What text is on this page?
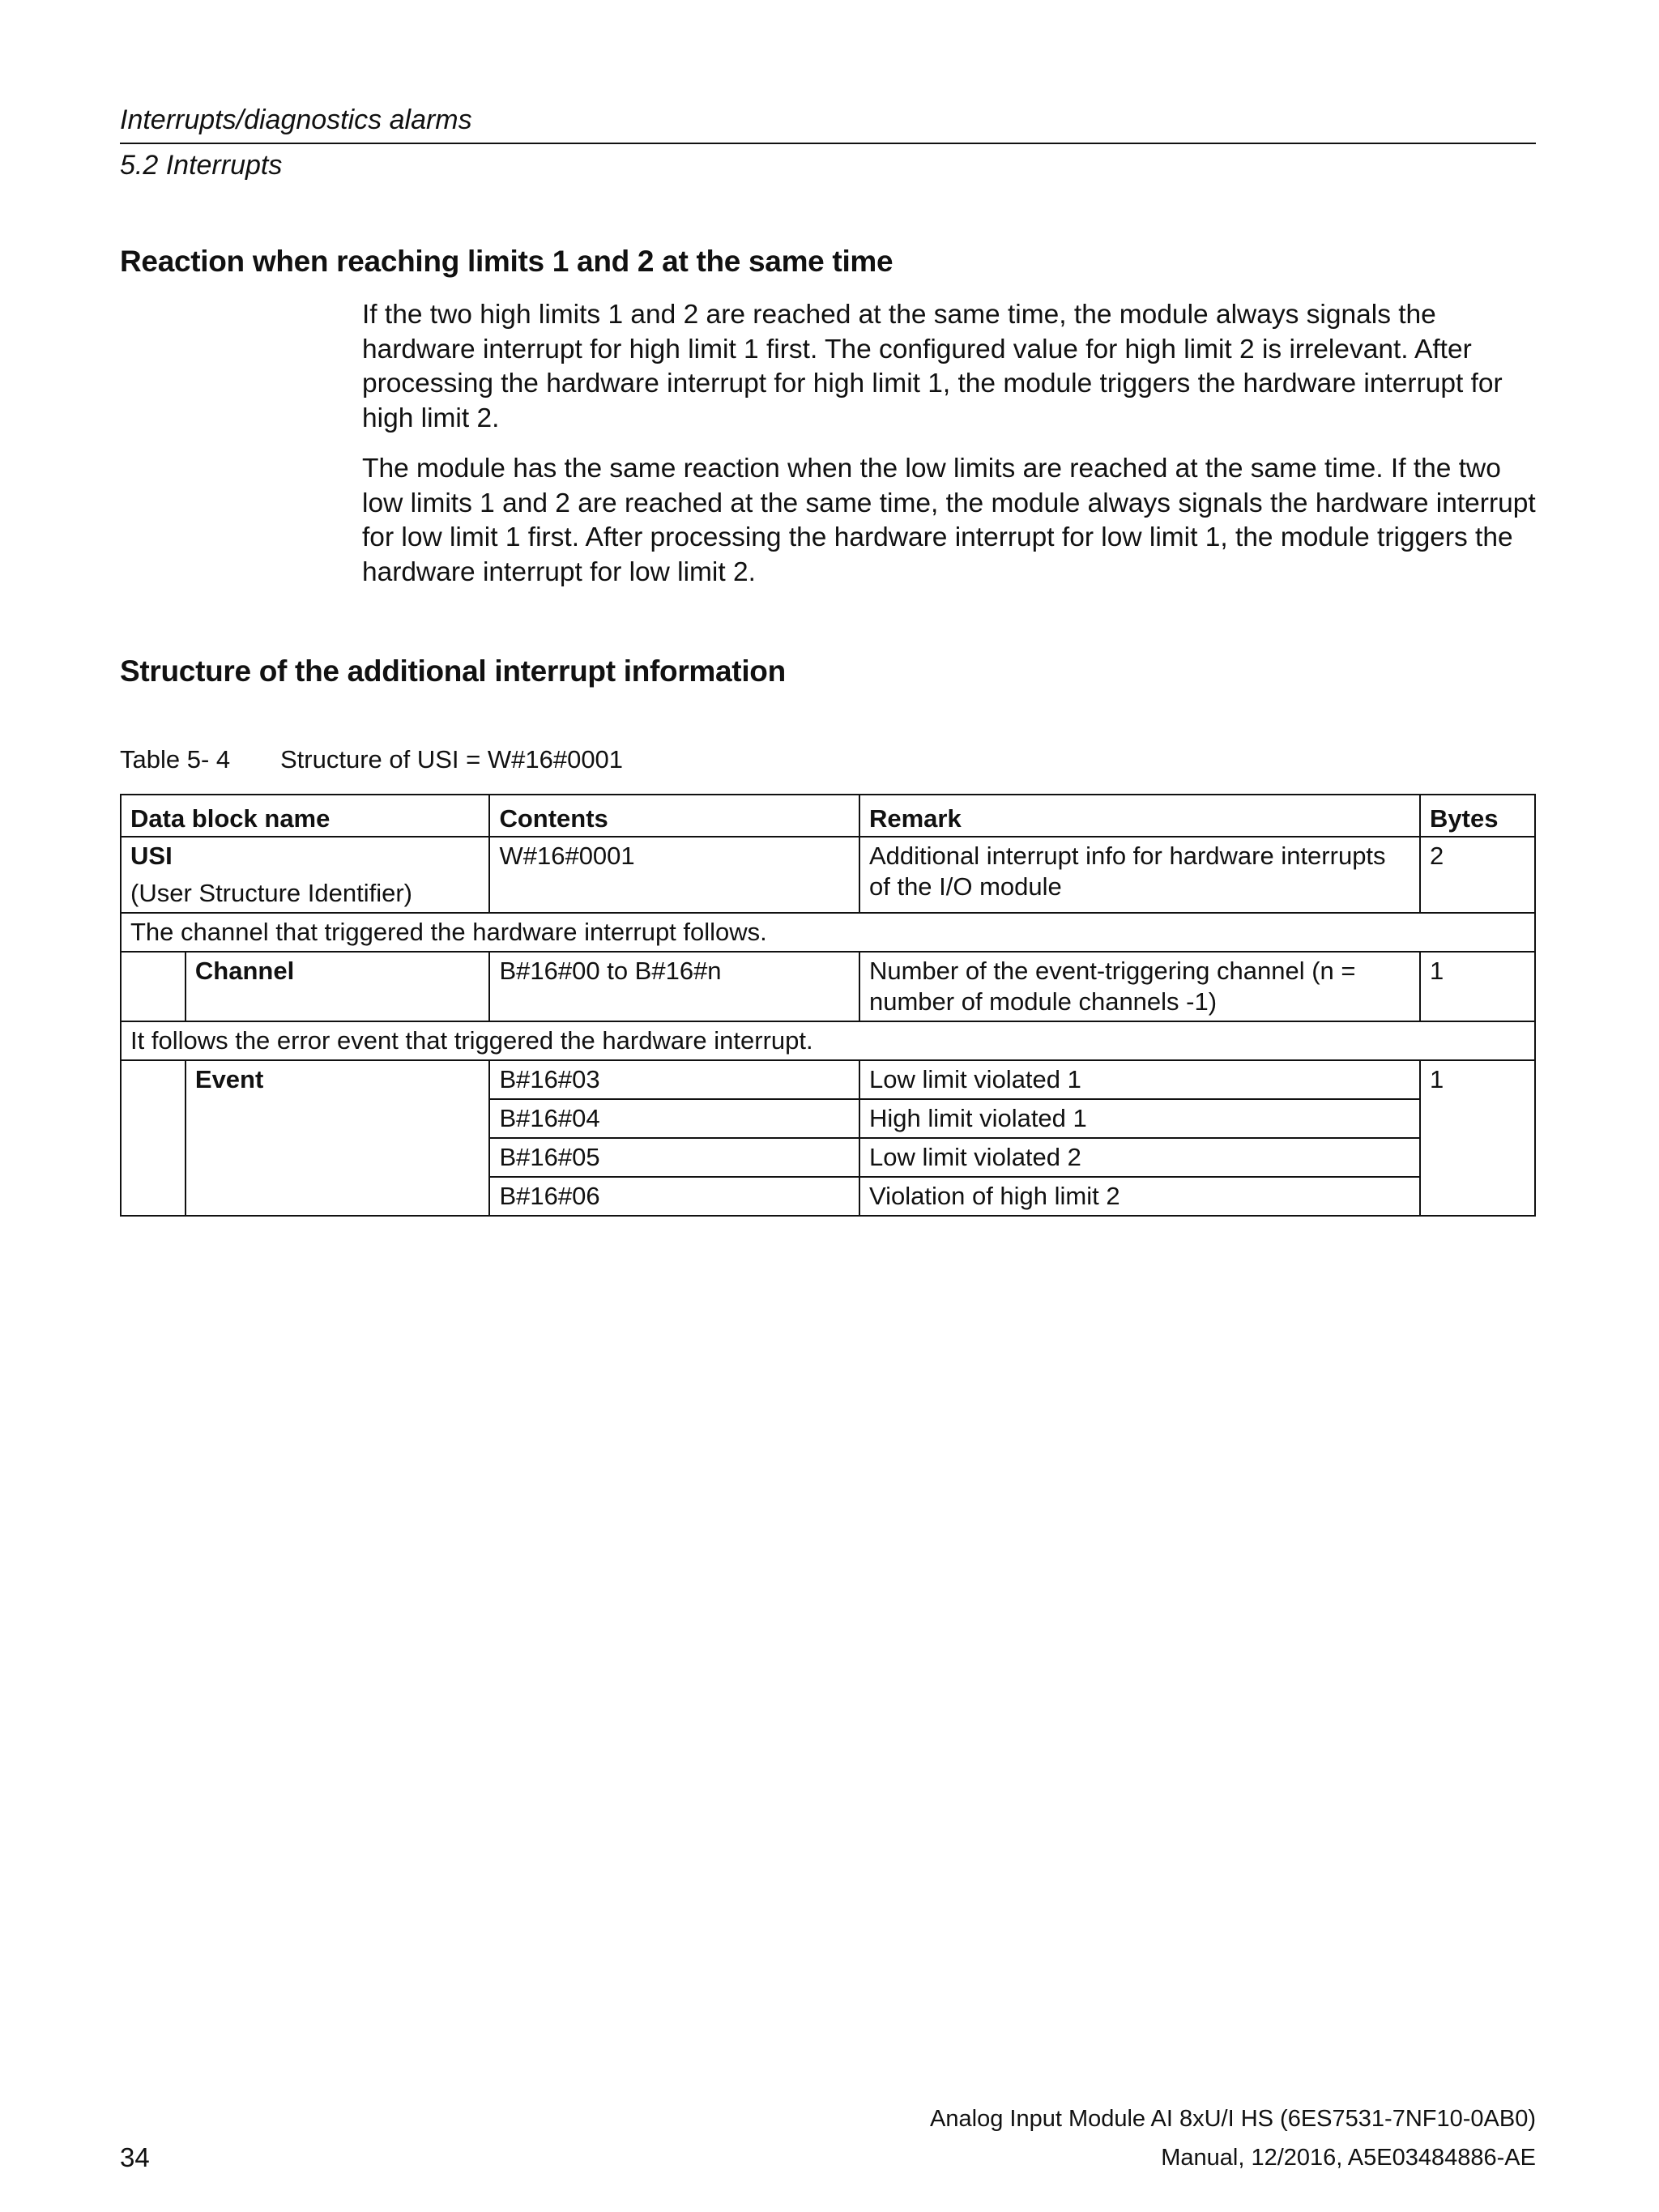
Interrupts/diagnostics alarms
5.2 Interrupts
Reaction when reaching limits 1 and 2 at the same time

If the two high limits 1 and 2 are reached at the same time, the module always signals the hardware interrupt for high limit 1 first. The configured value for high limit 2 is irrelevant. After processing the hardware interrupt for high limit 1, the module triggers the hardware interrupt for high limit 2.

The module has the same reaction when the low limits are reached at the same time. If the two low limits 1 and 2 are reached at the same time, the module always signals the hardware interrupt for low limit 1 first. After processing the hardware interrupt for low limit 1, the module triggers the hardware interrupt for low limit 2.

Structure of the additional interrupt information
Table 5- 4 Structure of USI = W#16#0001
Data block name		Contents	Remark	Bytes

USI
(User Structure Identifier)		W#16#0001	Additional interrupt info for hardware interrupts of the I/O module	2
The channel that triggered the hardware interrupt follows.				
	Channel	B#16#00 to B#16#n	Number of the event-triggering channel (n = number of module channels -1)	1
It follows the error event that triggered the hardware interrupt.				
	Event	B#16#03	Low limit violated 1	1
		B#16#04	High limit violated 1	
		B#16#05	Low limit violated 2	
		B#16#06	Violation of high limit 2	
Analog Input Module AI 8xU/I HS (6ES7531-7NF10-0AB0)
34	Manual, 12/2016, A5E03484886-AE
